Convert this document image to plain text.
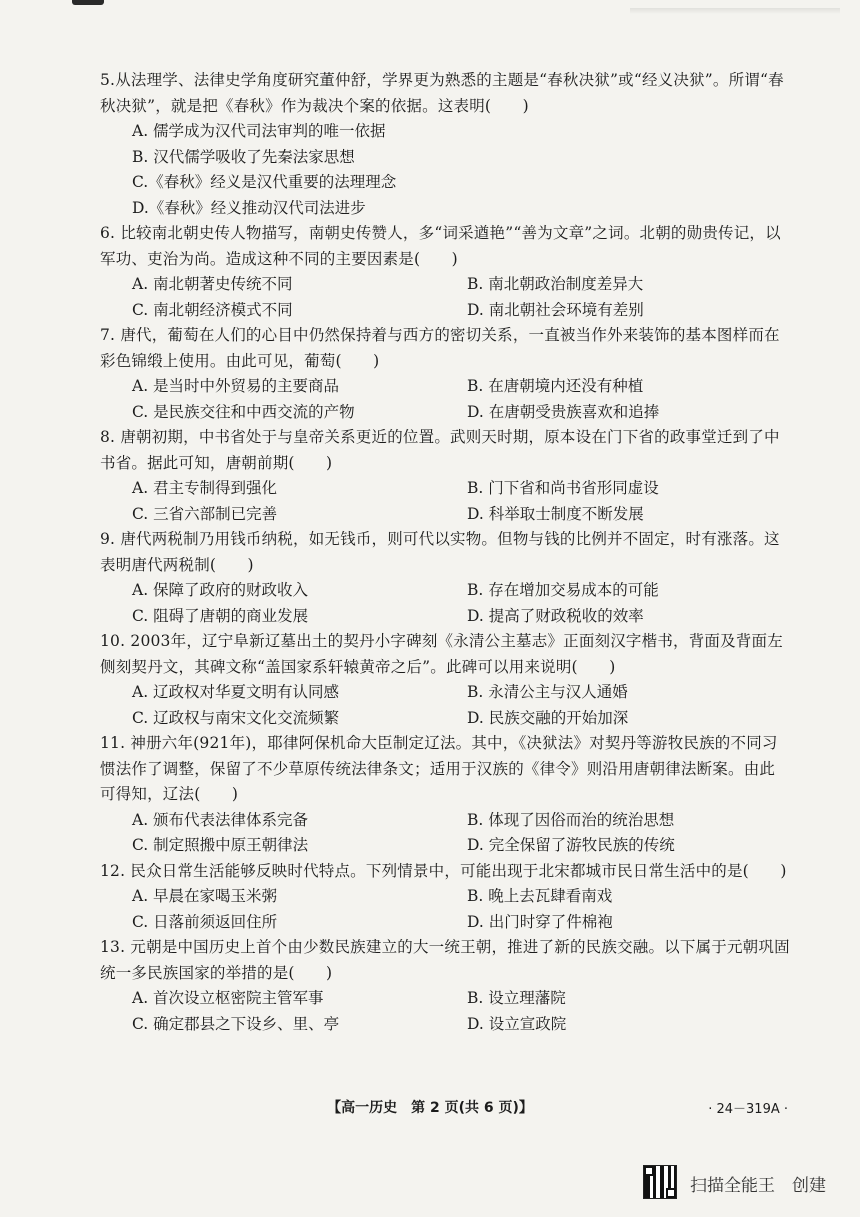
5.从法理学、法律史学角度研究董仲舒，学界更为熟悉的主题是“春秋决狱”或“经义决狱”。所谓“春秋决狱”，就是把《春秋》作为裁决个案的依据。这表明(　　)
A. 儒学成为汉代司法审判的唯一依据
B. 汉代儒学吸收了先秦法家思想
C.《春秋》经义是汉代重要的法理理念
D.《春秋》经义推动汉代司法进步
6. 比较南北朝史传人物描写，南朝史传赞人，多“词采遒艳”“善为文章”之词。北朝的勋贵传记，以军功、吏治为尚。造成这种不同的主要因素是(　　)
A. 南北朝著史传统不同	B. 南北朝政治制度差异大
C. 南北朝经济模式不同	D. 南北朝社会环境有差别
7. 唐代，葡萄在人们的心目中仍然保持着与西方的密切关系，一直被当作外来装饰的基本图样而在彩色锦缎上使用。由此可见，葡萄(　　)
A. 是当时中外贸易的主要商品	B. 在唐朝境内还没有种植
C. 是民族交往和中西交流的产物	D. 在唐朝受贵族喜欢和追捧
8. 唐朝初期，中书省处于与皇帝关系更近的位置。武则天时期，原本设在门下省的政事堂迁到了中书省。据此可知，唐朝前期(　　)
A. 君主专制得到强化	B. 门下省和尚书省形同虚设
C. 三省六部制已完善	D. 科举取士制度不断发展
9. 唐代两税制乃用钱币纳税，如无钱币，则可代以实物。但物与钱的比例并不固定，时有涨落。这表明唐代两税制(　　)
A. 保障了政府的财政收入	B. 存在增加交易成本的可能
C. 阻碍了唐朝的商业发展	D. 提高了财政税收的效率
10. 2003年，辽宁阜新辽墓出土的契丹小字碑刻《永清公主墓志》正面刻汉字楷书，背面及背面左侧刻契丹文，其碑文称“盖国家系轩辕黄帝之后”。此碑可以用来说明(　　)
A. 辽政权对华夏文明有认同感	B. 永清公主与汉人通婚
C. 辽政权与南宋文化交流频繁	D. 民族交融的开始加深
11. 神册六年(921年)，耶律阿保机命大臣制定辽法。其中，《决狱法》对契丹等游牧民族的不同习惯法作了调整，保留了不少草原传统法律条文；适用于汉族的《律令》则沿用唐朝律法断案。由此可得知，辽法(　　)
A. 颁布代表法律体系完备	B. 体现了因俗而治的统治思想
C. 制定照搬中原王朝律法	D. 完全保留了游牧民族的传统
12. 民众日常生活能够反映时代特点。下列情景中，可能出现于北宋都城市民日常生活中的是(　　)
A. 早晨在家喝玉米粥	B. 晚上去瓦肆看南戏
C. 日落前须返回住所	D. 出门时穿了件棉袍
13. 元朝是中国历史上首个由少数民族建立的大一统王朝，推进了新的民族交融。以下属于元朝巩固统一多民族国家的举措的是(　　)
A. 首次设立枢密院主管军事	B. 设立理藩院
C. 确定郡县之下设乡、里、亭	D. 设立宣政院
【高一历史　第 2 页(共 6 页)】	· 24－319A ·
扫描全能王　创建
